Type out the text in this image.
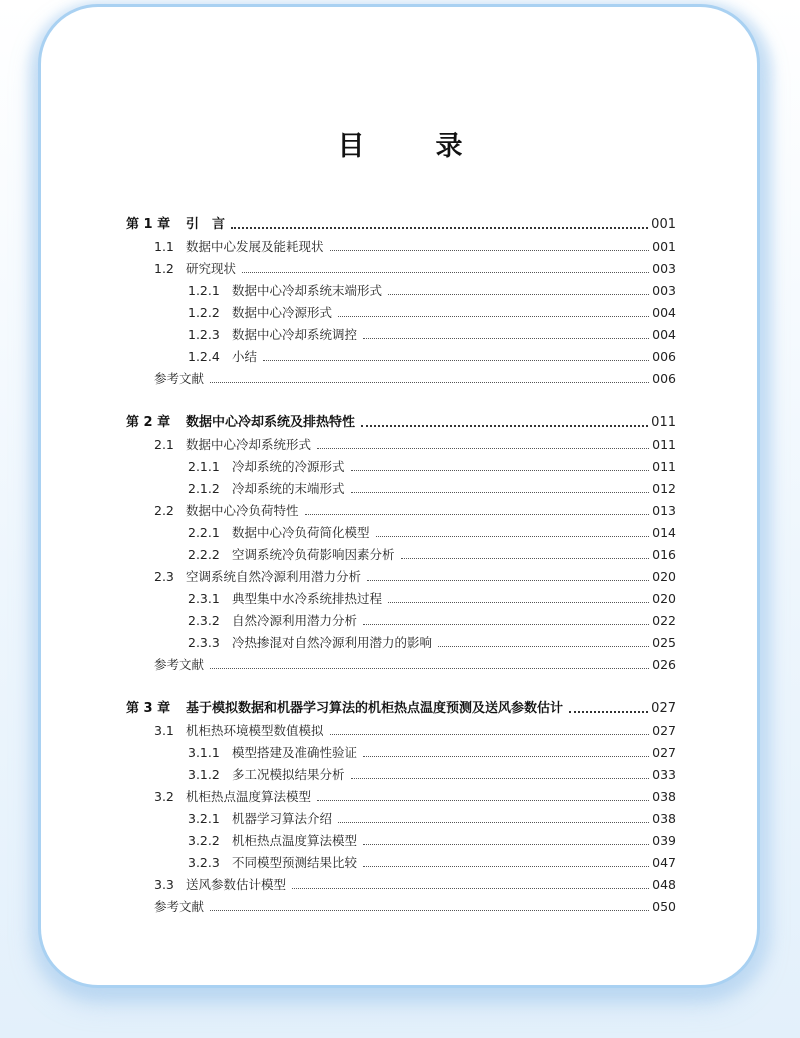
目　录
第 1 章	引　言	001
1.1 数据中心发展及能耗现状	001
1.2 研究现状	003
1.2.1 数据中心冷却系统末端形式	003
1.2.2 数据中心冷源形式	004
1.2.3 数据中心冷却系统调控	004
1.2.4 小结	006
参考文献	006
第 2 章	数据中心冷却系统及排热特性	011
2.1 数据中心冷却系统形式	011
2.1.1 冷却系统的冷源形式	011
2.1.2 冷却系统的末端形式	012
2.2 数据中心冷负荷特性	013
2.2.1 数据中心冷负荷简化模型	014
2.2.2 空调系统冷负荷影响因素分析	016
2.3 空调系统自然冷源利用潜力分析	020
2.3.1 典型集中水冷系统排热过程	020
2.3.2 自然冷源利用潜力分析	022
2.3.3 冷热掺混对自然冷源利用潜力的影响	025
参考文献	026
第 3 章	基于模拟数据和机器学习算法的机柜热点温度预测及送风参数估计	027
3.1 机柜热环境模型数值模拟	027
3.1.1 模型搭建及准确性验证	027
3.1.2 多工况模拟结果分析	033
3.2 机柜热点温度算法模型	038
3.2.1 机器学习算法介绍	038
3.2.2 机柜热点温度算法模型	039
3.2.3 不同模型预测结果比较	047
3.3 送风参数估计模型	048
参考文献	050
